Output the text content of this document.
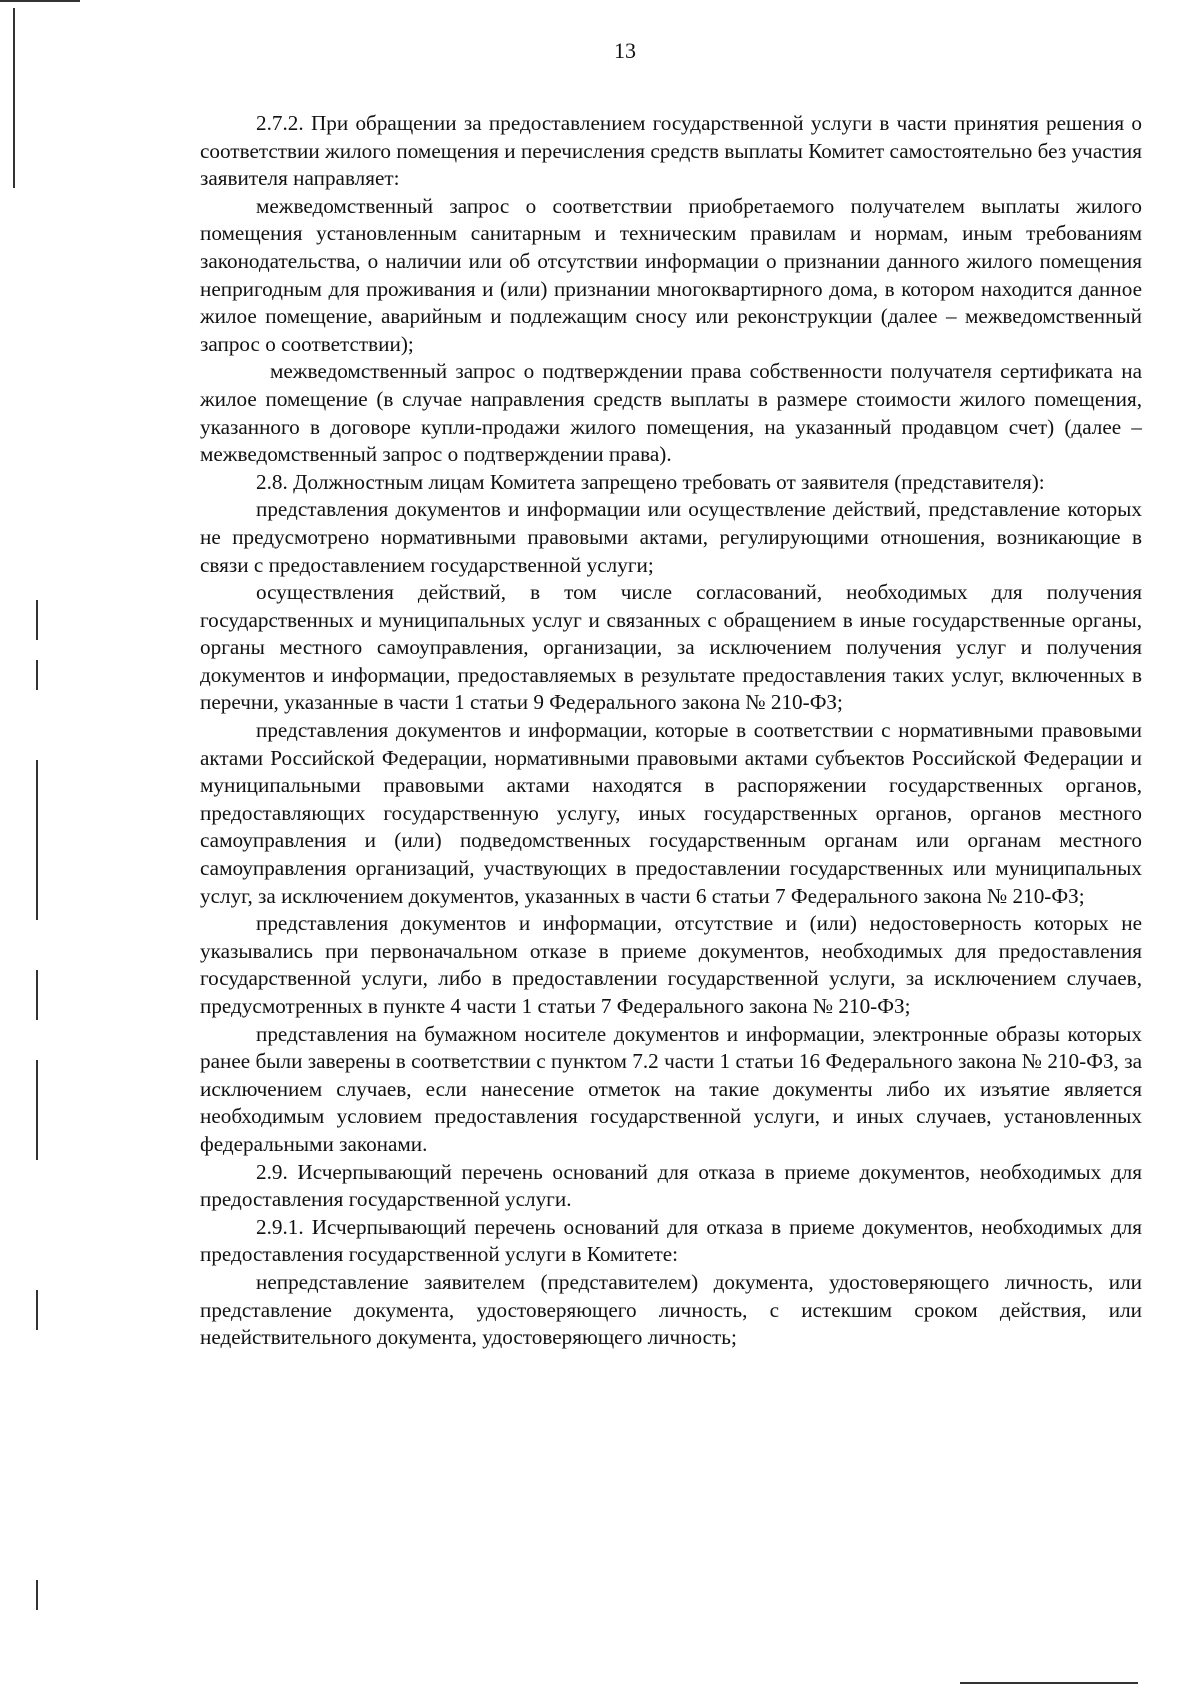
13

2.7.2. При обращении за предоставлением государственной услуги в части принятия решения о соответствии жилого помещения и перечисления средств выплаты Комитет самостоятельно без участия заявителя направляет:

межведомственный запрос о соответствии приобретаемого получателем выплаты жилого помещения установленным санитарным и техническим правилам и нормам, иным требованиям законодательства, о наличии или об отсутствии информации о признании данного жилого помещения непригодным для проживания и (или) признании многоквартирного дома, в котором находится данное жилое помещение, аварийным и подлежащим сносу или реконструкции (далее – межведомственный запрос о соответствии);

межведомственный запрос о подтверждении права собственности получателя сертификата на жилое помещение (в случае направления средств выплаты в размере стоимости жилого помещения, указанного в договоре купли-продажи жилого помещения, на указанный продавцом счет) (далее – межведомственный запрос о подтверждении права).

2.8. Должностным лицам Комитета запрещено требовать от заявителя (представителя):

представления документов и информации или осуществление действий, представление которых не предусмотрено нормативными правовыми актами, регулирующими отношения, возникающие в связи с предоставлением государственной услуги;

осуществления действий, в том числе согласований, необходимых для получения государственных и муниципальных услуг и связанных с обращением в иные государственные органы, органы местного самоуправления, организации, за исключением получения услуг и получения документов и информации, предоставляемых в результате предоставления таких услуг, включенных в перечни, указанные в части 1 статьи 9 Федерального закона № 210-ФЗ;

представления документов и информации, которые в соответствии с нормативными правовыми актами Российской Федерации, нормативными правовыми актами субъектов Российской Федерации и муниципальными правовыми актами находятся в распоряжении государственных органов, предоставляющих государственную услугу, иных государственных органов, органов местного самоуправления и (или) подведомственных государственным органам или органам местного самоуправления организаций, участвующих в предоставлении государственных или муниципальных услуг, за исключением документов, указанных в части 6 статьи 7 Федерального закона № 210-ФЗ;

представления документов и информации, отсутствие и (или) недостоверность которых не указывались при первоначальном отказе в приеме документов, необходимых для предоставления государственной услуги, либо в предоставлении государственной услуги, за исключением случаев, предусмотренных в пункте 4 части 1 статьи 7 Федерального закона № 210-ФЗ;

представления на бумажном носителе документов и информации, электронные образы которых ранее были заверены в соответствии с пунктом 7.2 части 1 статьи 16 Федерального закона № 210-ФЗ, за исключением случаев, если нанесение отметок на такие документы либо их изъятие является необходимым условием предоставления государственной услуги, и иных случаев, установленных федеральными законами.

2.9. Исчерпывающий перечень оснований для отказа в приеме документов, необходимых для предоставления государственной услуги.

2.9.1. Исчерпывающий перечень оснований для отказа в приеме документов, необходимых для предоставления государственной услуги в Комитете:

непредставление заявителем (представителем) документа, удостоверяющего личность, или представление документа, удостоверяющего личность, с истекшим сроком действия, или недействительного документа, удостоверяющего личность;
